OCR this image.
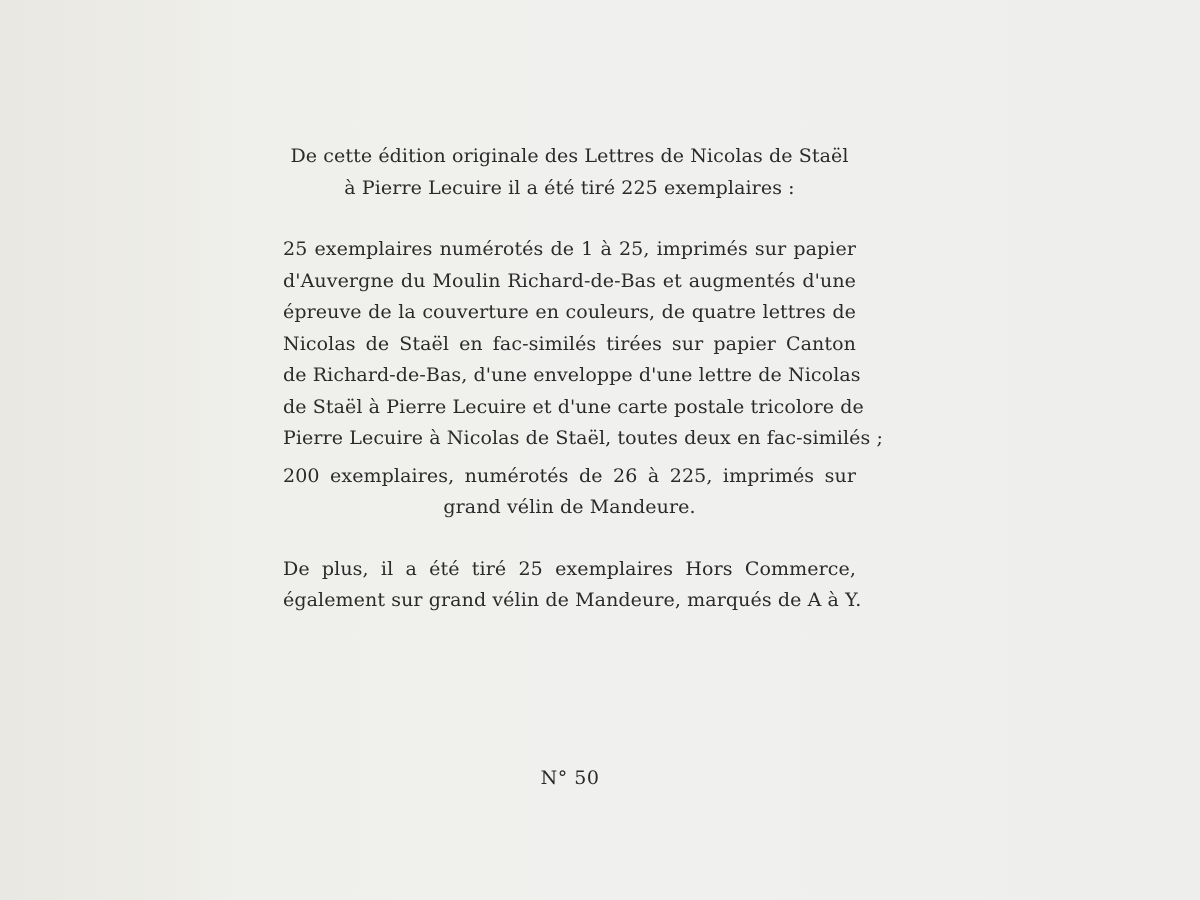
De cette édition originale des Lettres de Nicolas de Staël
à Pierre Lecuire il a été tiré 225 exemplaires :
25 exemplaires numérotés de 1 à 25, imprimés sur papier
d'Auvergne du Moulin Richard-de-Bas et augmentés d'une
épreuve de la couverture en couleurs, de quatre lettres de
Nicolas de Staël en fac-similés tirées sur papier Canton
de Richard-de-Bas, d'une enveloppe d'une lettre de Nicolas
de Staël à Pierre Lecuire et d'une carte postale tricolore de
Pierre Lecuire à Nicolas de Staël, toutes deux en fac-similés ;
200 exemplaires, numérotés de 26 à 225, imprimés sur
grand vélin de Mandeure.
De plus, il a été tiré 25 exemplaires Hors Commerce,
également sur grand vélin de Mandeure, marqués de A à Y.
N° 50
